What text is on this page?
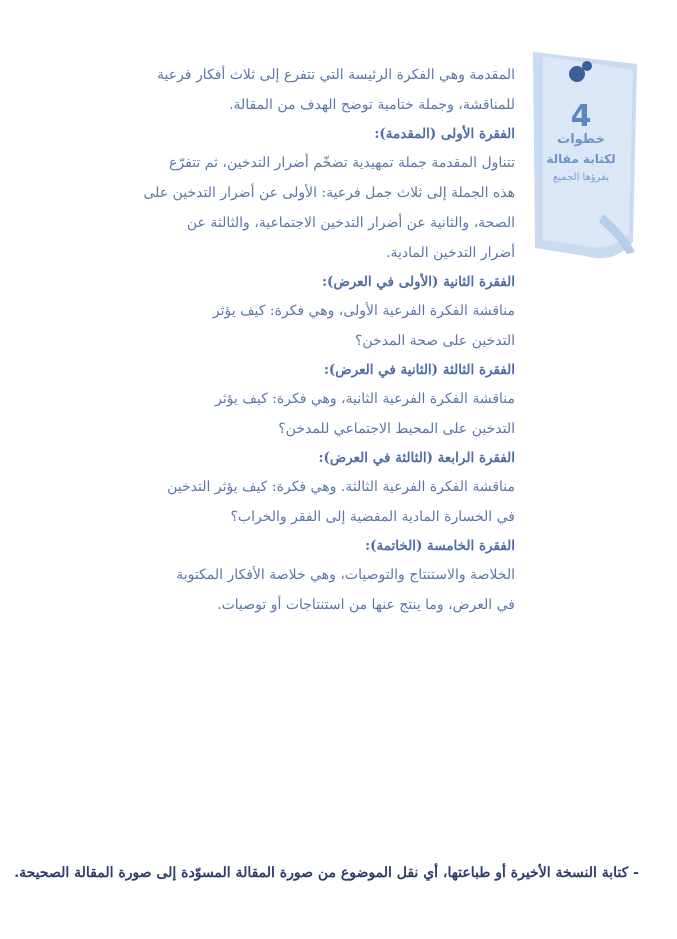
4
خطوات
لكتابة مقالة
يقرؤها الجميع
المقدمة وهي الفكرة الرئيسة التي تتفرع إلى ثلاث أفكار فرعية
للمناقشة، وجملة ختامية توضح الهدف من المقالة.
الفقرة الأولى (المقدمة):
تتناول المقدمة جملة تمهيدية تضخّم أضرار التدخين، ثم تتفرّع
هذه الجملة إلى ثلاث جمل فرعية: الأولى عن أضرار التدخين على
الصحة، والثانية عن أضرار التدخين الاجتماعية، والثالثة عن
أضرار التدخين المادية.
الفقرة الثانية (الأولى في العرض):
مناقشة الفكرة الفرعية الأولى، وهي فكرة: كيف يؤثر
التدخين على صحة المدخن؟
الفقرة الثالثة (الثانية في العرض):
مناقشة الفكرة الفرعية الثانية، وهي فكرة: كيف يؤثر
التدخين على المحيط الاجتماعي للمدخن؟
الفقرة الرابعة (الثالثة في العرض):
مناقشة الفكرة الفرعية الثالثة. وهي فكرة: كيف يؤثر التدخين
في الخسارة المادية المفضية إلى الفقر والخراب؟
الفقرة الخامسة (الخاتمة):
الخلاصة والاستنتاج والتوصيات، وهي خلاصة الأفكار المكتوبة
في العرض، وما ينتج عنها من استنتاجات أو توصيات.
- كتابة النسخة الأخيرة أو طباعتها، أي نقل الموضوع من صورة المقالة المسوّدة إلى صورة المقالة الصحيحة.
